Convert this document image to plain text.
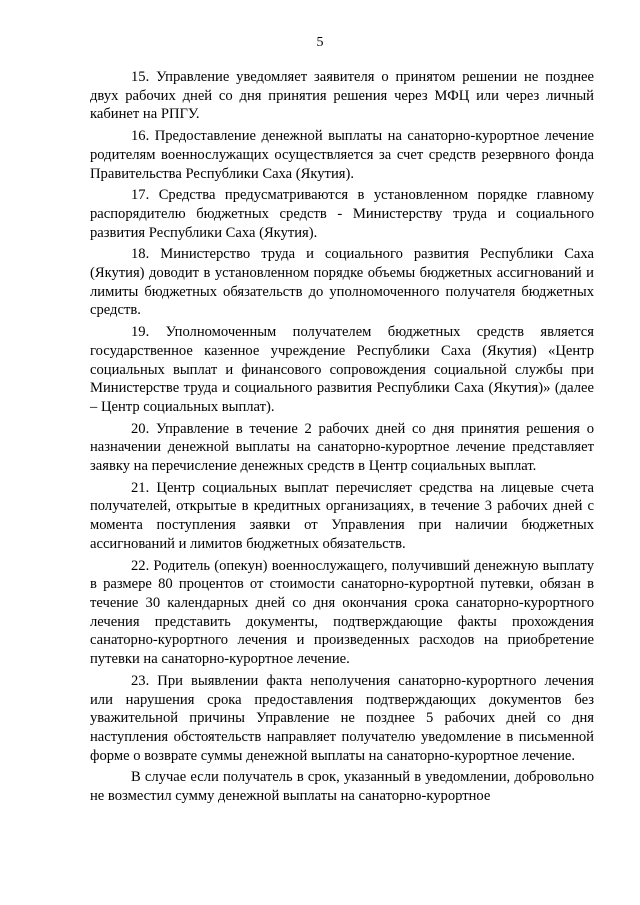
5

15. Управление уведомляет заявителя о принятом решении не позднее двух рабочих дней со дня принятия решения через МФЦ или через личный кабинет на РПГУ.

16. Предоставление денежной выплаты на санаторно-курортное лечение родителям военнослужащих осуществляется за счет средств резервного фонда Правительства Республики Саха (Якутия).

17. Средства предусматриваются в установленном порядке главному распорядителю бюджетных средств - Министерству труда и социального развития Республики Саха (Якутия).

18. Министерство труда и социального развития Республики Саха (Якутия) доводит в установленном порядке объемы бюджетных ассигнований и лимиты бюджетных обязательств до уполномоченного получателя бюджетных средств.

19. Уполномоченным получателем бюджетных средств является государственное казенное учреждение Республики Саха (Якутия) «Центр социальных выплат и финансового сопровождения социальной службы при Министерстве труда и социального развития Республики Саха (Якутия)» (далее – Центр социальных выплат).

20. Управление в течение 2 рабочих дней со дня принятия решения о назначении денежной выплаты на санаторно-курортное лечение представляет заявку на перечисление денежных средств в Центр социальных выплат.

21. Центр социальных выплат перечисляет средства на лицевые счета получателей, открытые в кредитных организациях, в течение 3 рабочих дней с момента поступления заявки от Управления при наличии бюджетных ассигнований и лимитов бюджетных обязательств.

22. Родитель (опекун) военнослужащего, получивший денежную выплату в размере 80 процентов от стоимости санаторно-курортной путевки, обязан в течение 30 календарных дней со дня окончания срока санаторно-курортного лечения представить документы, подтверждающие факты прохождения санаторно-курортного лечения и произведенных расходов на приобретение путевки на санаторно-курортное лечение.

23. При выявлении факта неполучения санаторно-курортного лечения или нарушения срока предоставления подтверждающих документов без уважительной причины Управление не позднее 5 рабочих дней со дня наступления обстоятельств направляет получателю уведомление в письменной форме о возврате суммы денежной выплаты на санаторно-курортное лечение.

В случае если получатель в срок, указанный в уведомлении, добровольно не возместил сумму денежной выплаты на санаторно-курортное
